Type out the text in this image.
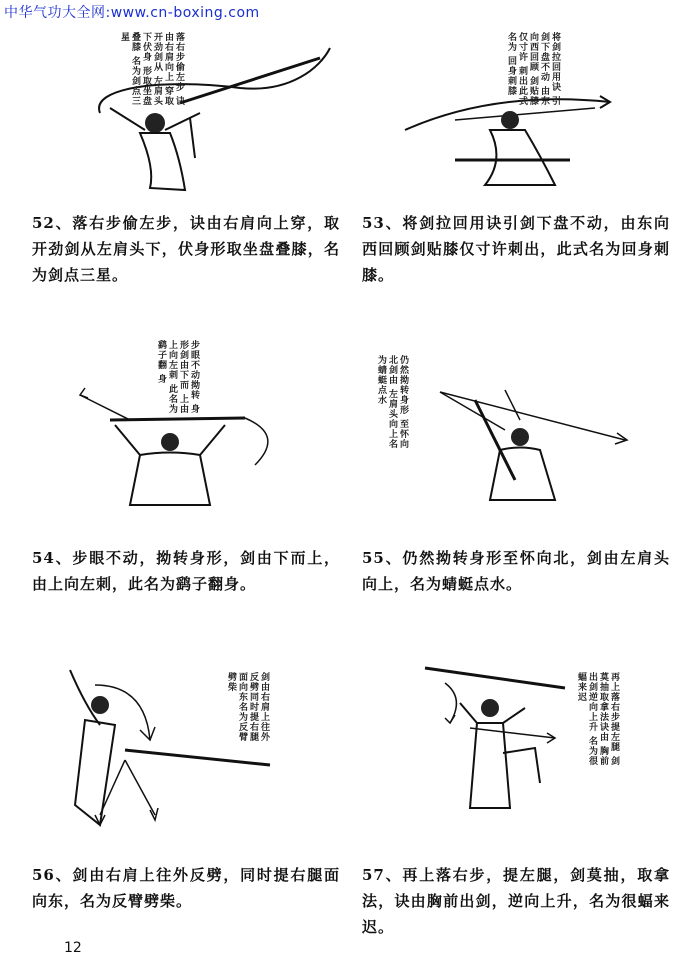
中华气功大全网:www.cn-boxing.com
落右步偷左步 诀由右肩向上 穿取开劲剑从 左肩头下伏身 形取坐盘叠膝 名为剑点三星
52、落右步偷左步，诀由右肩向上穿，取开劲剑从左肩头下，伏身形取坐盘叠膝，名为剑点三星。
将剑拉回用诀 引剑下盘不动 由东向西回顾 剑贴膝仅寸许 刺出此式名为 回身刺膝
53、将剑拉回用诀引剑下盘不动，由东向西回顾剑贴膝仅寸许刺出，此式名为回身刺膝。
步眼不动拗转 身形剑由下而 上由上向左刺 此名为鹞子翻 身
54、步眼不动，拗转身形，剑由下而上，由上向左刺，此名为鹞子翻身。
仍然拗转身形 至怀向北剑由 左肩头向上名 为蜻蜓点水
55、仍然拗转身形至怀向北，剑由左肩头向上，名为蜻蜓点水。
剑由右肩上往外 反劈同时提右腿 面向东名为反臂 劈柴
56、剑由右肩上往外反劈，同时提右腿面向东，名为反臂劈柴。
再上落右步提左腿 剑莫抽取拿法诀由 胸前出剑逆向上升 名为很蝠来迟
57、再上落右步，提左腿，剑莫抽，取拿法，诀由胸前出剑，逆向上升，名为很蝠来迟。
12
